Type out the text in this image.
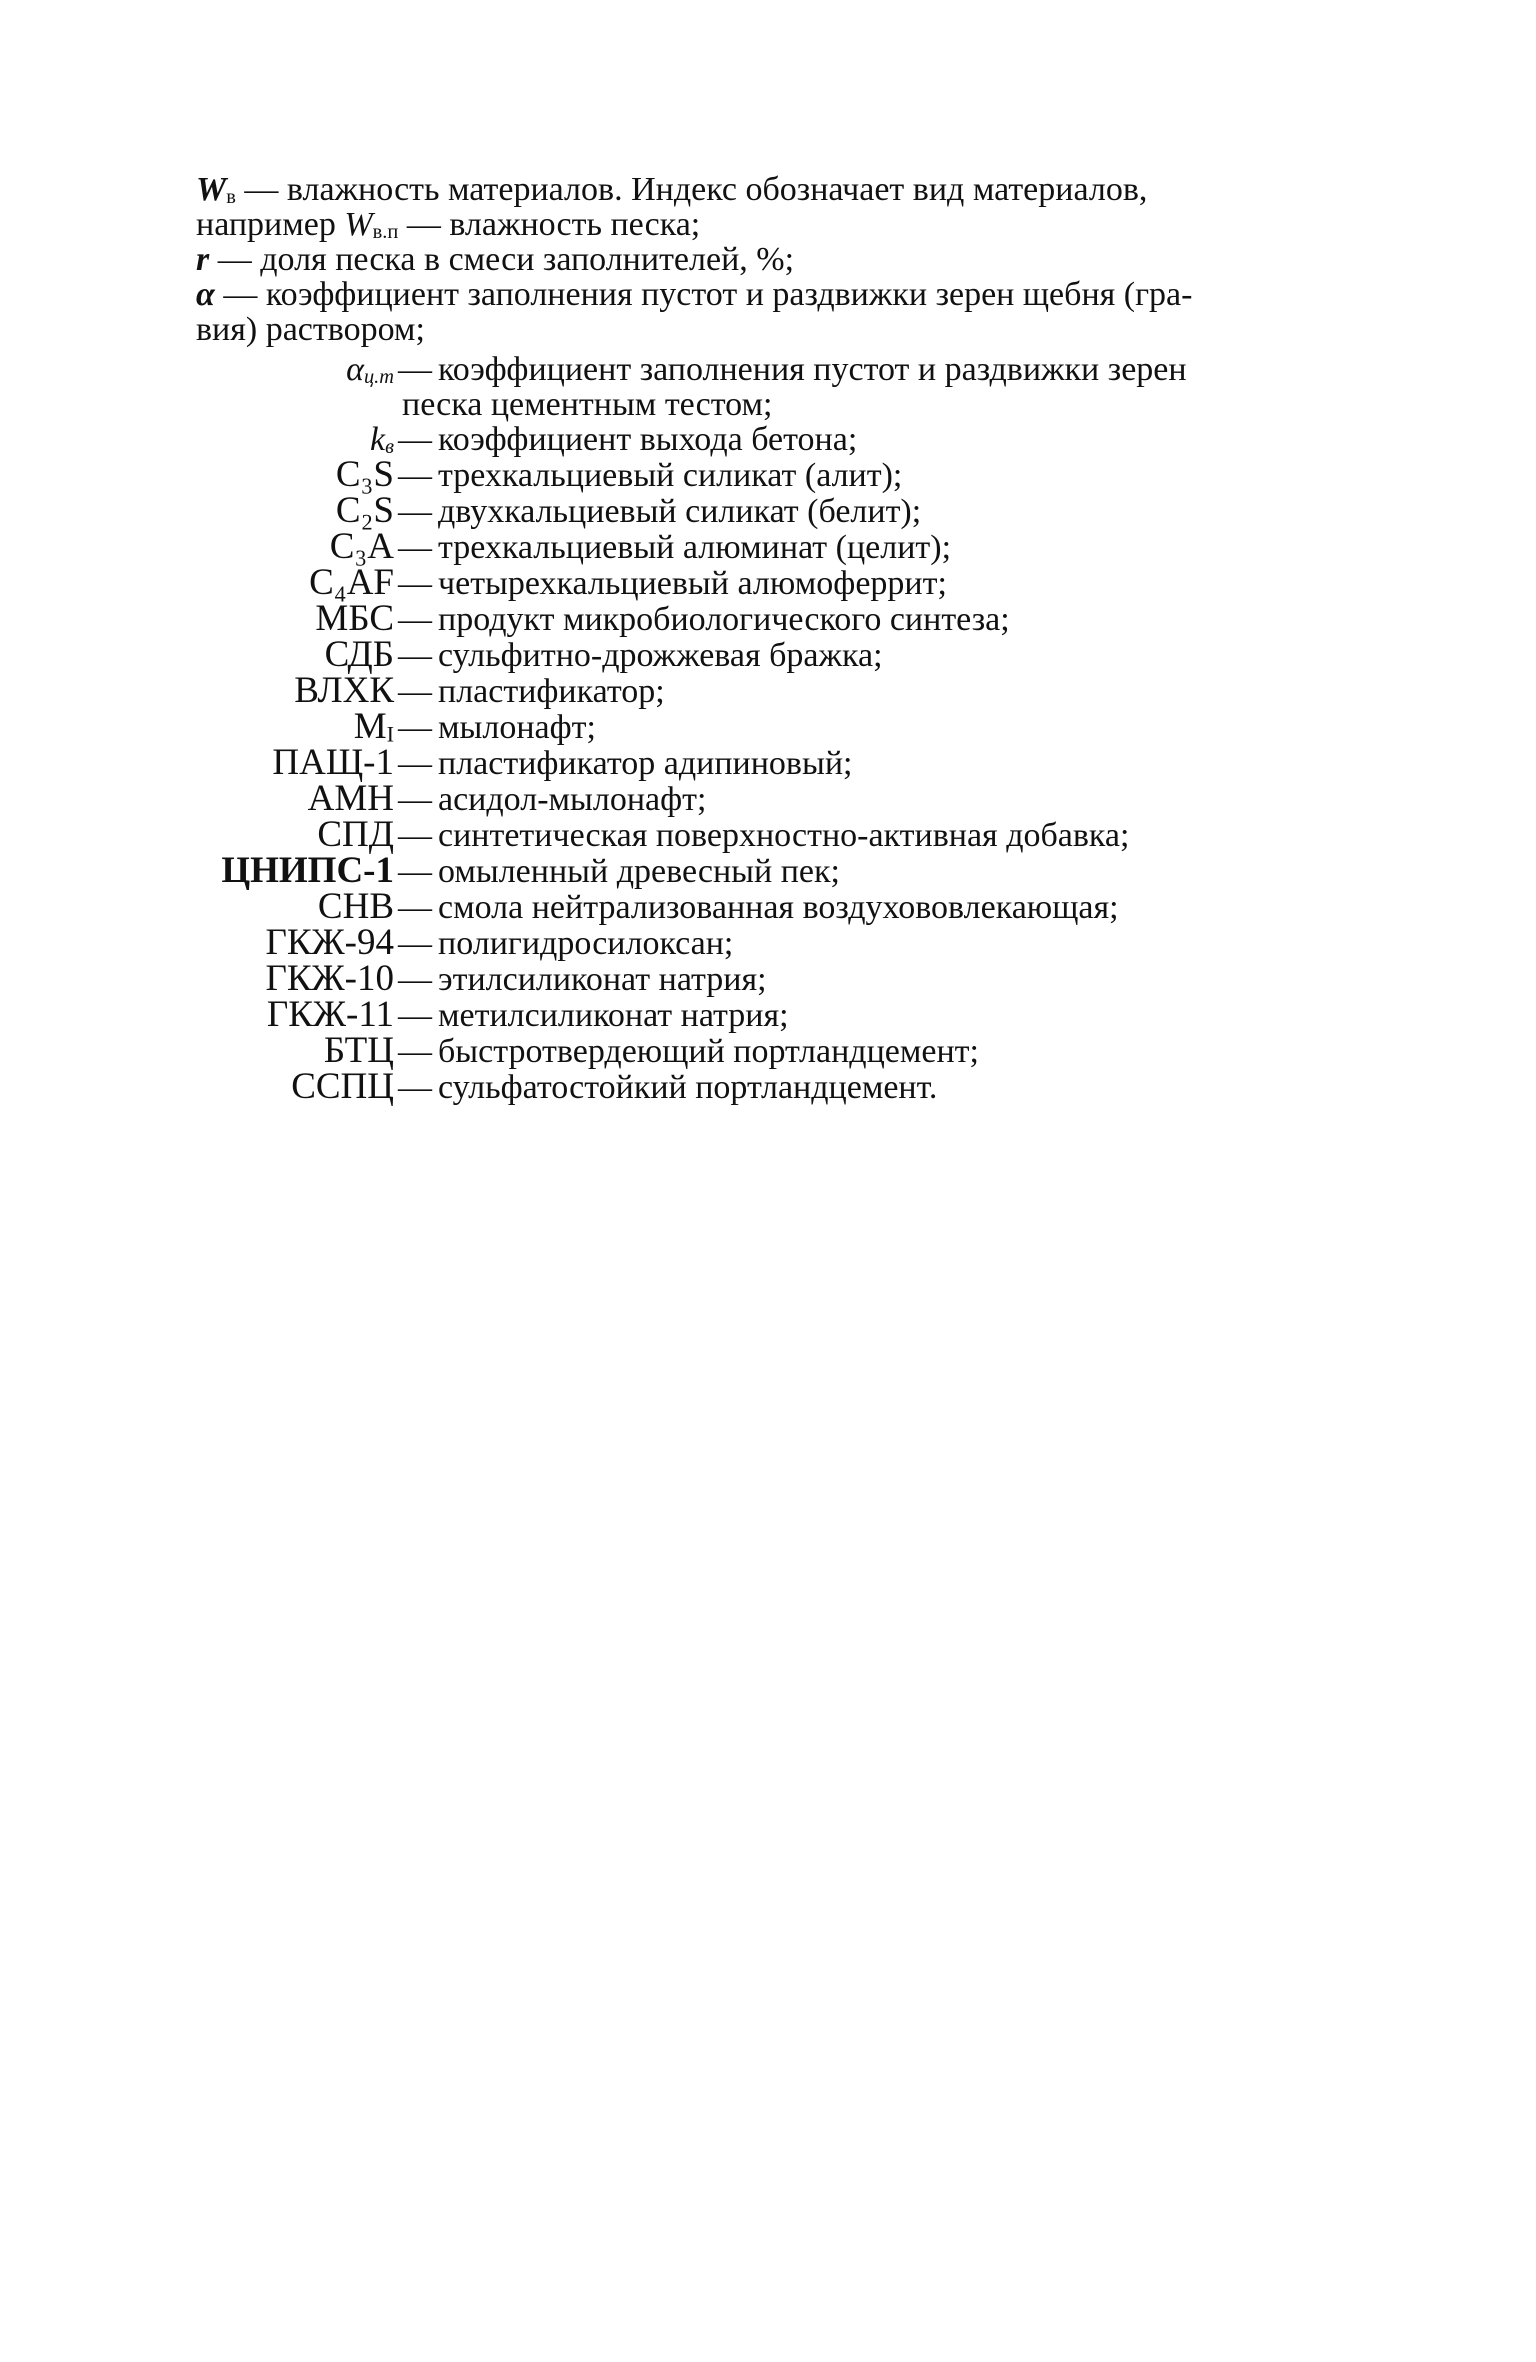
$W_в$ — влажность материалов. Индекс обозначает вид материалов,
например $W_{в.п}$ — влажность песка;
r — доля песка в смеси заполнителей, %;
α — коэффициент заполнения пустот и раздвижки зерен щебня (гра-
вия) раствором;
$\alpha_{ц.т}$ — коэффициент заполнения пустот и раздвижки зерен
песка цементным тестом;
$k_в$ — коэффициент выхода бетона;
C₃S — трехкальциевый силикат (алит);
C₂S — двухкальциевый силикат (белит);
C₃A — трехкальциевый алюминат (целит);
C₄AF — четырехкальциевый алюмоферрит;
МБС — продукт микробиологического синтеза;
СДБ — сульфитно-дрожжевая бражка;
ВЛХК — пластификатор;
$M_I$ — мылонафт;
ПАЩ-1 — пластификатор адипиновый;
АМН — асидол-мылонафт;
СПД — синтетическая поверхностно-активная добавка;
ЦНИПС-1 — омыленный древесный пек;
СНВ — смола нейтрализованная воздухововлекающая;
ГКЖ-94 — полигидросилоксан;
ГКЖ-10 — этилсиликонат натрия;
ГКЖ-11 — метилсиликонат натрия;
БТЦ — быстротвердеющий портландцемент;
ССПЦ — сульфатостойкий портландцемент.
